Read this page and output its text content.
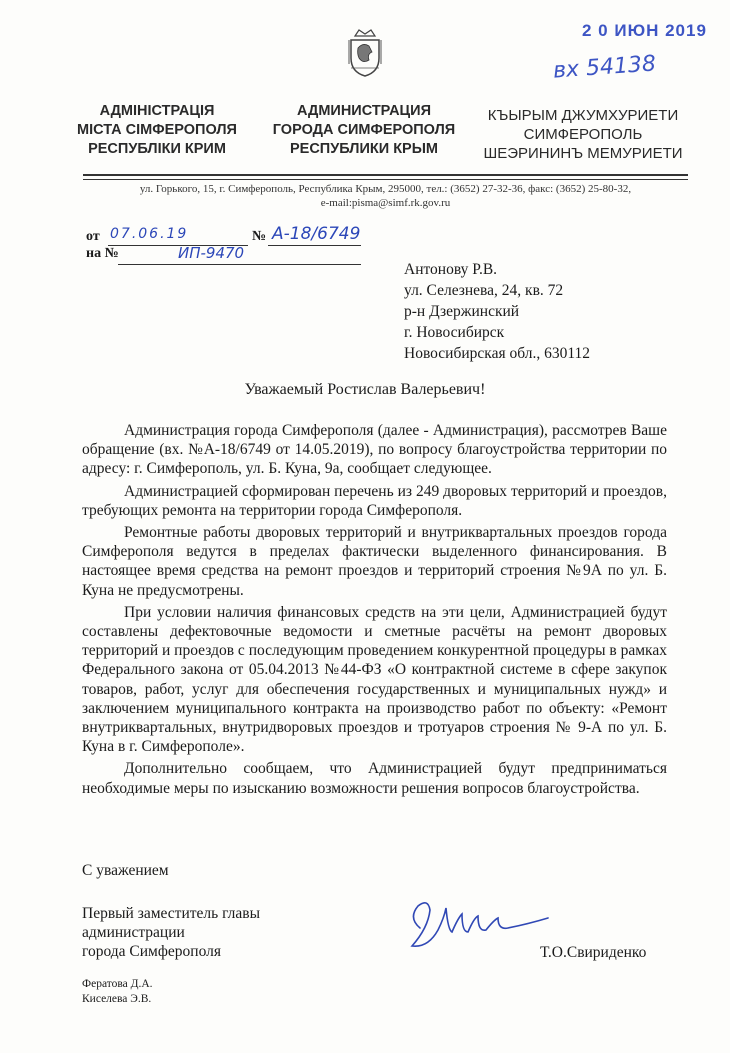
2 0 ИЮН 2019
вх 54138
АДМІНІСТРАЦІЯ
МІСТА СІМФЕРОПОЛЯ
РЕСПУБЛІКИ КРИМ
АДМИНИСТРАЦИЯ
ГОРОДА СИМФЕРОПОЛЯ
РЕСПУБЛИКИ КРЫМ
КЪЫРЫМ ДЖУМХУРИЕТИ
СИМФЕРОПОЛЬ
ШЕЭРИНИНЪ МЕМУРИЕТИ
ул. Горького, 15, г. Симферополь, Республика Крым, 295000, тел.: (3652) 27-32-36, факс: (3652) 25-80-32,
e-mail:pisma@simf.rk.gov.ru
от 07.06.19	№ А-18/6749
на №	ИП-9470
Антонову Р.В.
ул. Селезнева, 24, кв. 72
р-н Дзержинский
г. Новосибирск
Новосибирская обл., 630112
Уважаемый Ростислав Валерьевич!

Администрация города Симферополя (далее - Администрация), рассмотрев Ваше обращение (вх. №А-18/6749 от 14.05.2019), по вопросу благоустройства территории по адресу: г. Симферополь, ул. Б. Куна, 9а, сообщает следующее.

Администрацией сформирован перечень из 249 дворовых территорий и проездов, требующих ремонта на территории города Симферополя.

Ремонтные работы дворовых территорий и внутриквартальных проездов города Симферополя ведутся в пределах фактически выделенного финансирования. В настоящее время средства на ремонт проездов и территорий строения №9А по ул. Б. Куна не предусмотрены.

При условии наличия финансовых средств на эти цели, Администрацией будут составлены дефектовочные ведомости и сметные расчёты на ремонт дворовых территорий и проездов с последующим проведением конкурентной процедуры в рамках Федерального закона от 05.04.2013 №44-ФЗ «О контрактной системе в сфере закупок товаров, работ, услуг для обеспечения государственных и муниципальных нужд» и заключением муниципального контракта на производство работ по объекту: «Ремонт внутриквартальных, внутридворовых проездов и тротуаров строения № 9-А по ул. Б. Куна в г. Симферополе».

Дополнительно сообщаем, что Администрацией будут предприниматься необходимые меры по изысканию возможности решения вопросов благоустройства.

С уважением
Первый заместитель главы
администрации
города Симферополя	Т.О.Свириденко
Фератова Д.А.
Киселева Э.В.
